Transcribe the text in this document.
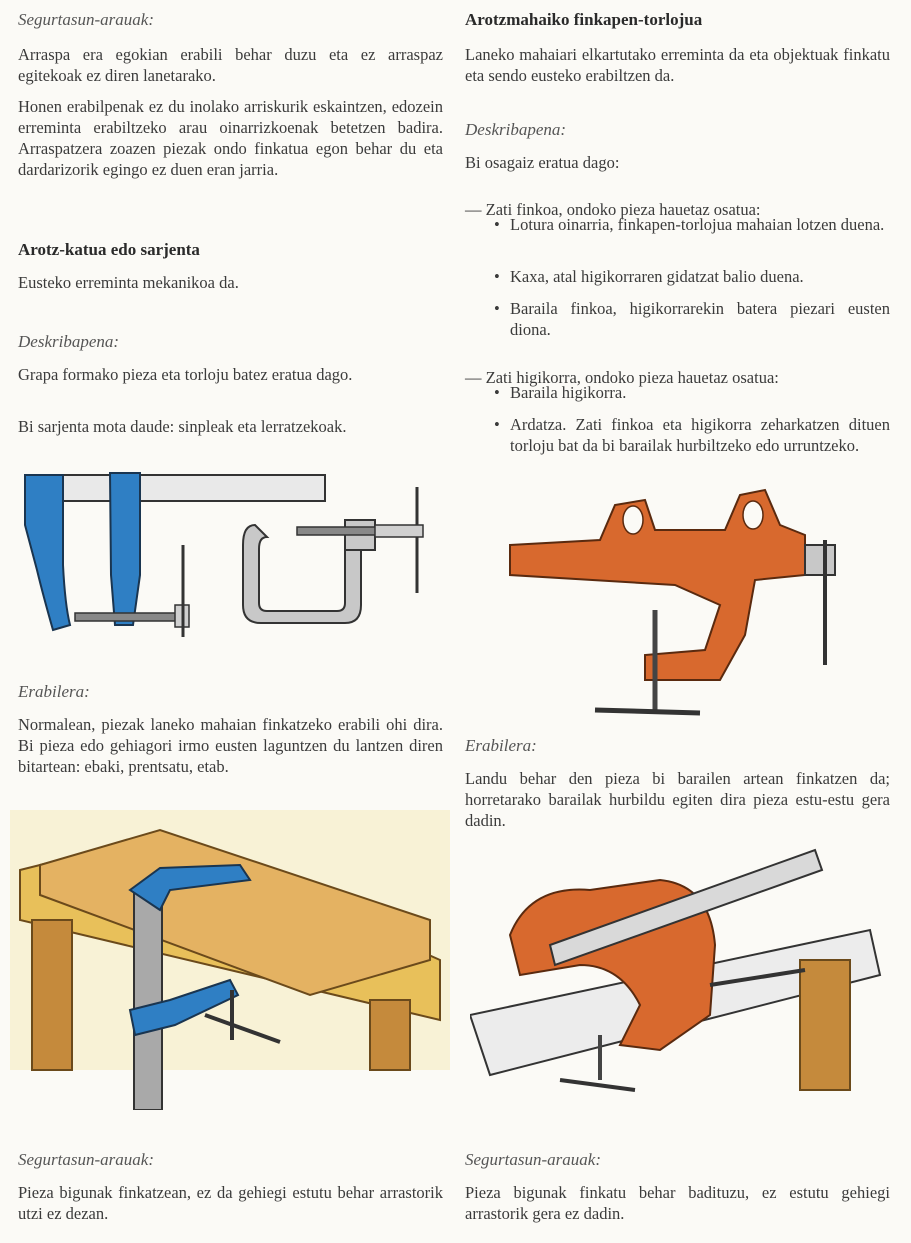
Segurtasun-arauak:

Arraspa era egokian erabili behar duzu eta ez arraspaz egitekoak ez diren lanetarako.

Honen erabilpenak ez du inolako arriskurik eskaintzen, edozein erreminta erabiltzeko arau oinarrizkoenak betetzen badira. Arraspatzera zoazen piezak ondo finkatua egon behar du eta dardarizorik egingo ez duen eran jarria.

Arotz-katua edo sarjenta

Eusteko erreminta mekanikoa da.

Deskribapena:

Grapa formako pieza eta torloju batez eratua dago.

Bi sarjenta mota daude: sinpleak eta lerratzekoak.

Erabilera:

Normalean, piezak laneko mahaian finkatzeko erabili ohi dira. Bi pieza edo gehiagori irmo eusten laguntzen du lantzen diren bitartean: ebaki, prentsatu, etab.

Segurtasun-arauak:

Pieza bigunak finkatzean, ez da gehiegi estutu behar arrastorik utzi ez dezan.

Arotzmahaiko finkapen-torlojua

Laneko mahaiari elkartutako erreminta da eta objektuak finkatu eta sendo eusteko erabiltzen da.

Deskribapena:

Bi osagaiz eratua dago:

— Zati finkoa, ondoko pieza hauetaz osatua:

• Lotura oinarria, finkapen-torlojua mahaian lotzen duena.
• Kaxa, atal higikorraren gidatzat balio duena.
• Baraila finkoa, higikorrarekin batera piezari eusten diona.

— Zati higikorra, ondoko pieza hauetaz osatua:

• Baraila higikorra.
• Ardatza. Zati finkoa eta higikorra zeharkatzen dituen torloju bat da bi barailak hurbiltzeko edo urruntzeko.

Erabilera:

Landu behar den pieza bi barailen artean finkatzen da; horretarako barailak hurbildu egiten dira pieza estu-estu gera dadin.

Segurtasun-arauak:

Pieza bigunak finkatu behar badituzu, ez estutu gehiegi arrastorik gera ez dadin.
